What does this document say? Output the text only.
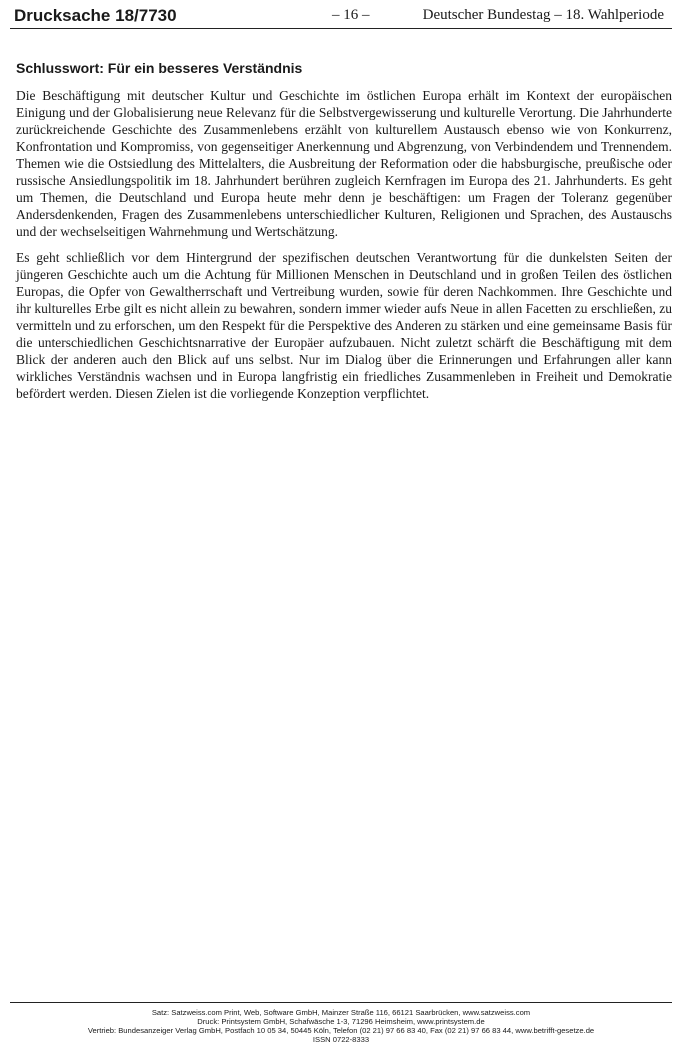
Drucksache 18/7730	– 16 –	Deutscher Bundestag – 18. Wahlperiode
Schlusswort: Für ein besseres Verständnis

Die Beschäftigung mit deutscher Kultur und Geschichte im östlichen Europa erhält im Kontext der europäischen Einigung und der Globalisierung neue Relevanz für die Selbstvergewisserung und kulturelle Verortung. Die Jahrhunderte zurückreichende Geschichte des Zusammenlebens erzählt von kulturellem Austausch ebenso wie von Konkurrenz, Konfrontation und Kompromiss, von gegenseitiger Anerkennung und Abgrenzung, von Verbindendem und Trennendem. Themen wie die Ostsiedlung des Mittelalters, die Ausbreitung der Reformation oder die habsburgische, preußische oder russische Ansiedlungspolitik im 18. Jahrhundert berühren zugleich Kernfragen im Europa des 21. Jahrhunderts. Es geht um Themen, die Deutschland und Europa heute mehr denn je beschäftigen: um Fragen der Toleranz gegenüber Andersdenkenden, Fragen des Zusammenlebens unterschiedlicher Kulturen, Religionen und Sprachen, des Austauschs und der wechselseitigen Wahrnehmung und Wertschätzung.

Es geht schließlich vor dem Hintergrund der spezifischen deutschen Verantwortung für die dunkelsten Seiten der jüngeren Geschichte auch um die Achtung für Millionen Menschen in Deutschland und in großen Teilen des östlichen Europas, die Opfer von Gewaltherrschaft und Vertreibung wurden, sowie für deren Nachkommen. Ihre Geschichte und ihr kulturelles Erbe gilt es nicht allein zu bewahren, sondern immer wieder aufs Neue in allen Facetten zu erschließen, zu vermitteln und zu erforschen, um den Respekt für die Perspektive des Anderen zu stärken und eine gemeinsame Basis für die unterschiedlichen Geschichtsnarrative der Europäer aufzubauen. Nicht zuletzt schärft die Beschäftigung mit dem Blick der anderen auch den Blick auf uns selbst. Nur im Dialog über die Erinnerungen und Erfahrungen aller kann wirkliches Verständnis wachsen und in Europa langfristig ein friedliches Zusammenleben in Freiheit und Demokratie befördert werden. Diesen Zielen ist die vorliegende Konzeption verpflichtet.

Satz: Satzweiss.com Print, Web, Software GmbH, Mainzer Straße 116, 66121 Saarbrücken, www.satzweiss.com
Druck: Printsystem GmbH, Schafwäsche 1-3, 71296 Heimsheim, www.printsystem.de
Vertrieb: Bundesanzeiger Verlag GmbH, Postfach 10 05 34, 50445 Köln, Telefon (02 21) 97 66 83 40, Fax (02 21) 97 66 83 44, www.betrifft-gesetze.de
ISSN 0722-8333
